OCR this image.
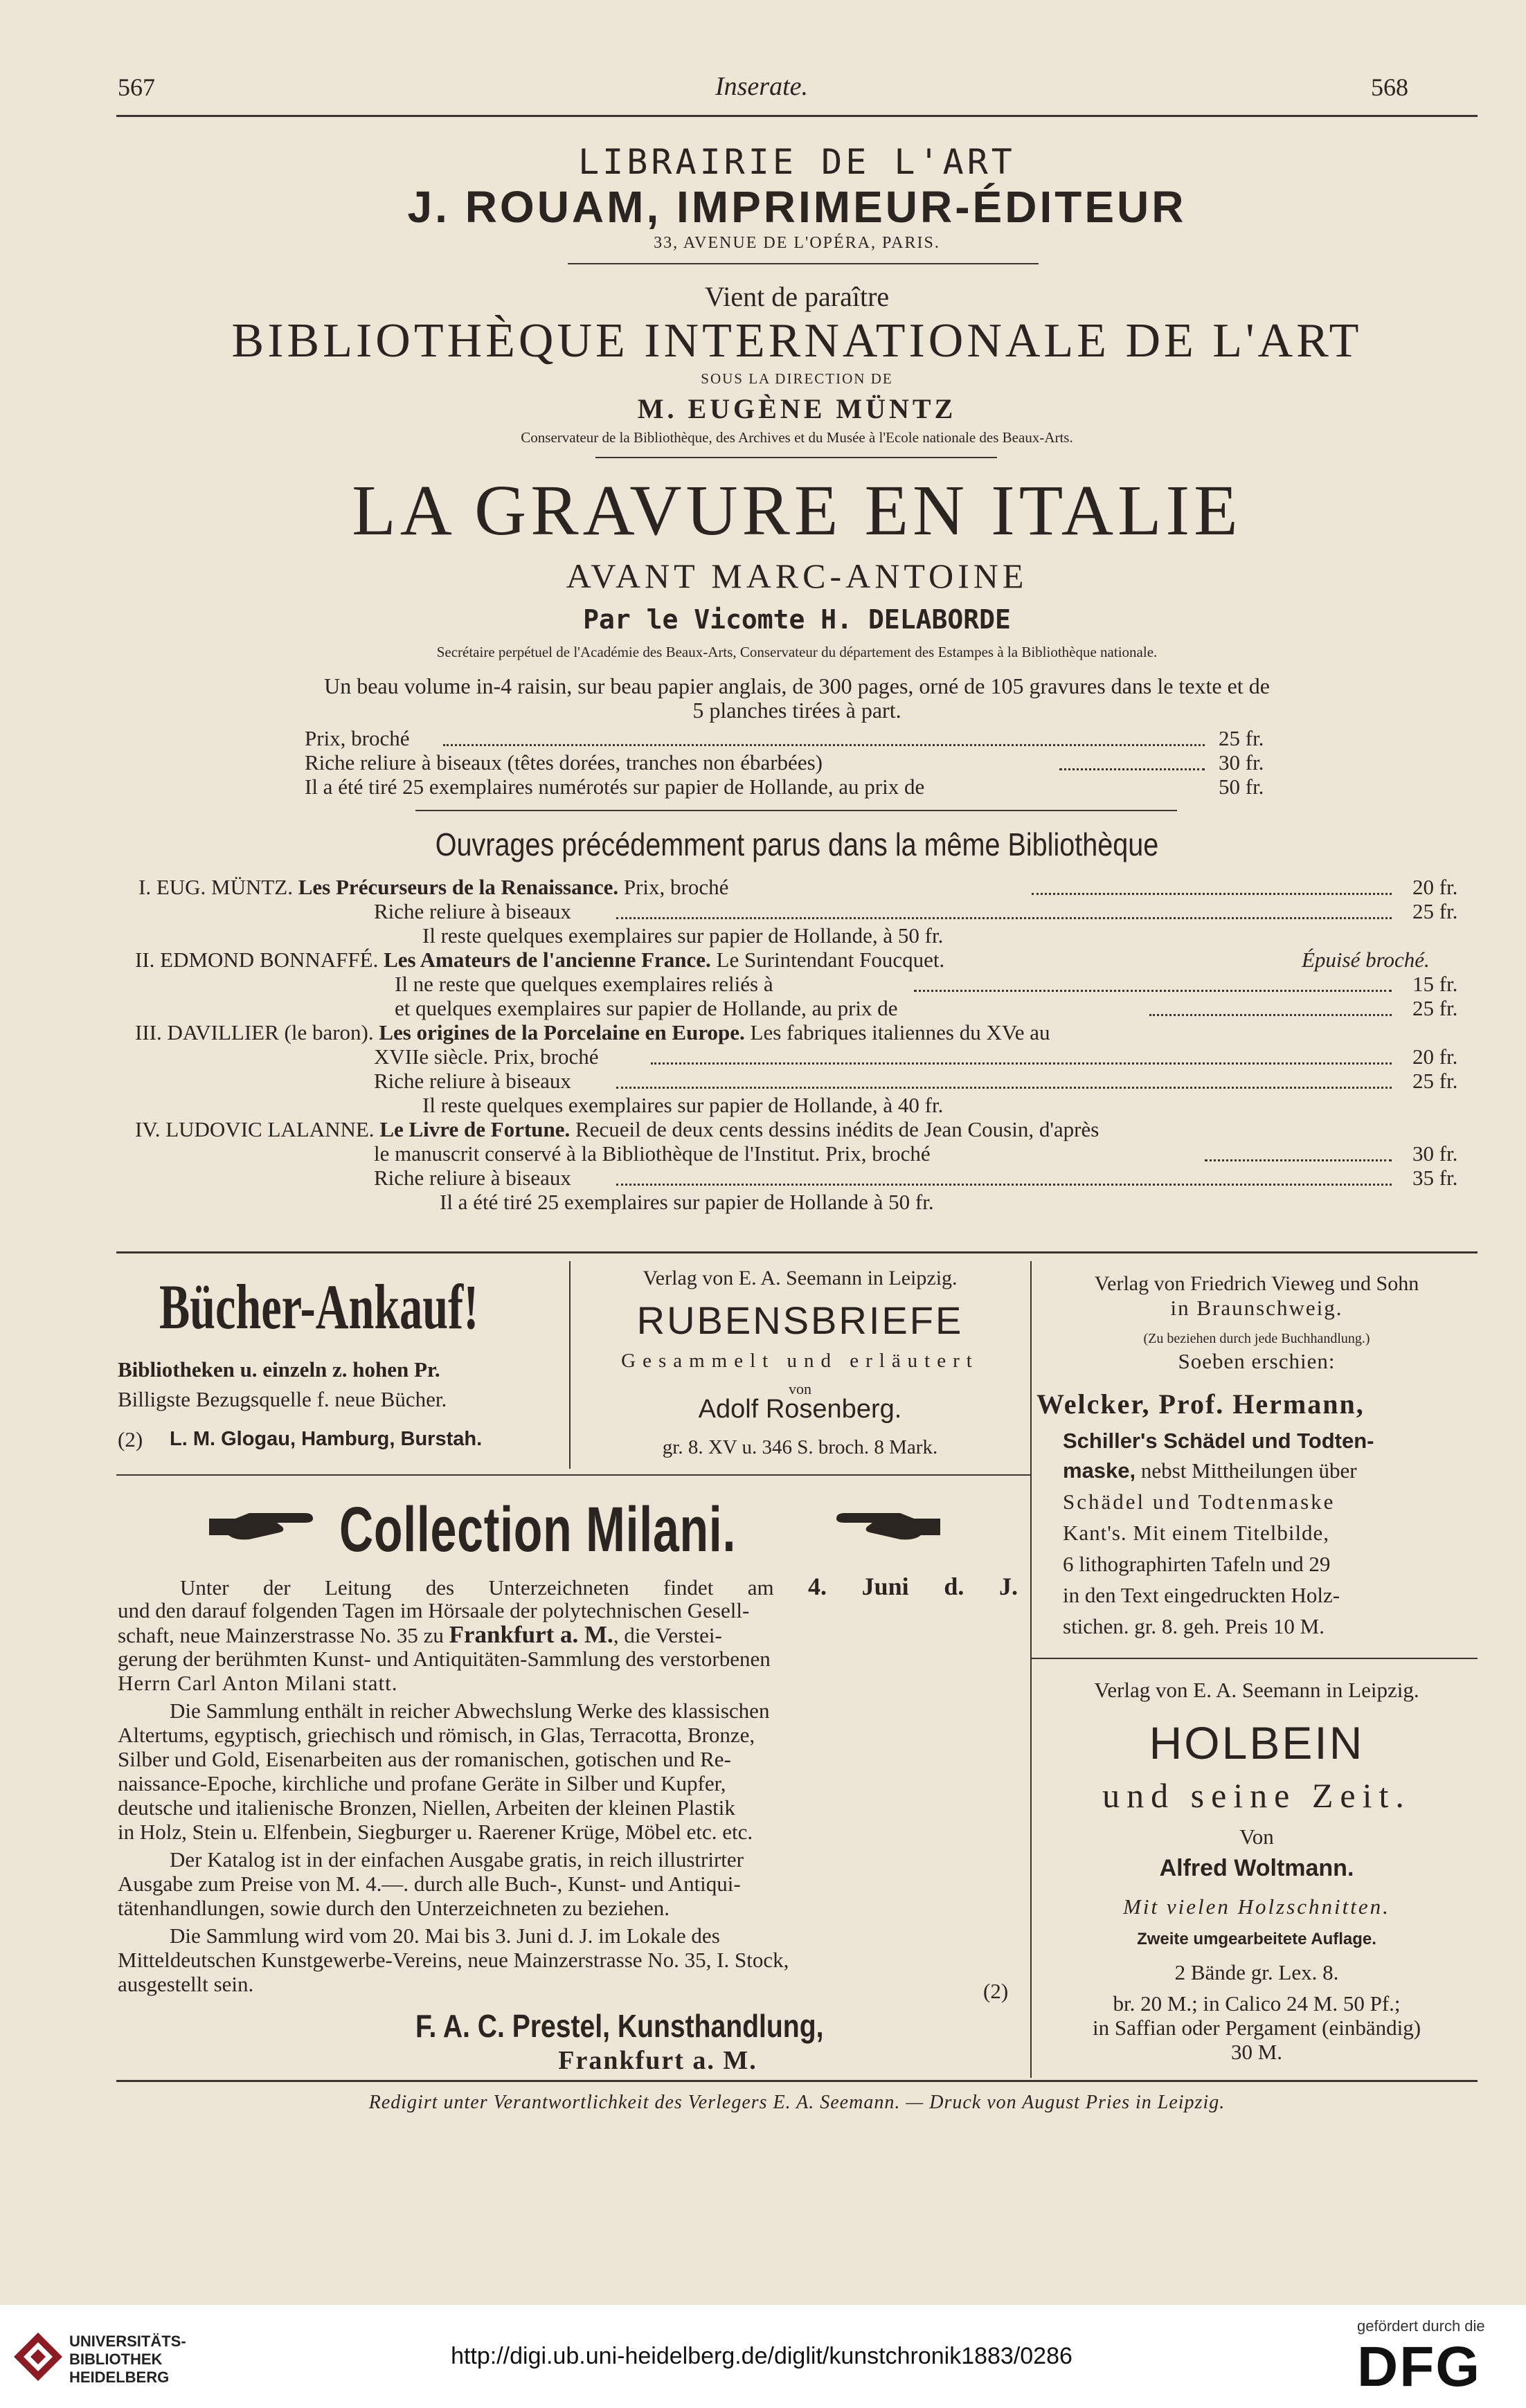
567	Inserate.	568
LIBRAIRIE DE L'ART
J. ROUAM, IMPRIMEUR-ÉDITEUR
33, AVENUE DE L'OPÉRA, PARIS.
Vient de paraître
BIBLIOTHÈQUE INTERNATIONALE DE L'ART
SOUS LA DIRECTION DE
M. EUGÈNE MÜNTZ
Conservateur de la Bibliothèque, des Archives et du Musée à l'Ecole nationale des Beaux-Arts.
LA GRAVURE EN ITALIE
AVANT MARC-ANTOINE
Par le Vicomte H. DELABORDE
Secrétaire perpétuel de l'Académie des Beaux-Arts, Conservateur du département des Estampes à la Bibliothèque nationale.
Un beau volume in-4 raisin, sur beau papier anglais, de 300 pages, orné de 105 gravures dans le texte et de
5 planches tirées à part.
Prix, broché	25 fr.
Riche reliure à biseaux (têtes dorées, tranches non ébarbées)	30 fr.
Il a été tiré 25 exemplaires numérotés sur papier de Hollande, au prix de	50 fr.
Ouvrages précédemment parus dans la même Bibliothèque
I. EUG. MÜNTZ. Les Précurseurs de la Renaissance. Prix, broché	20 fr.
Riche reliure à biseaux	25 fr.
Il reste quelques exemplaires sur papier de Hollande, à 50 fr.
II. EDMOND BONNAFFÉ. Les Amateurs de l'ancienne France. Le Surintendant Foucquet.	Épuisé broché.
Il ne reste que quelques exemplaires reliés à	15 fr.
et quelques exemplaires sur papier de Hollande, au prix de	25 fr.
III. DAVILLIER (le baron). Les origines de la Porcelaine en Europe. Les fabriques italiennes du XVe au
XVIIe siècle. Prix, broché	20 fr.
Riche reliure à biseaux	25 fr.
Il reste quelques exemplaires sur papier de Hollande, à 40 fr.
IV. LUDOVIC LALANNE. Le Livre de Fortune. Recueil de deux cents dessins inédits de Jean Cousin, d'après
le manuscrit conservé à la Bibliothèque de l'Institut. Prix, broché	30 fr.
Riche reliure à biseaux	35 fr.
Il a été tiré 25 exemplaires sur papier de Hollande à 50 fr.
Bücher-Ankauf!
Bibliotheken u. einzeln z. hohen Pr.
Billigste Bezugsquelle f. neue Bücher.
(2) L. M. Glogau, Hamburg, Burstah.
Verlag von E. A. Seemann in Leipzig.
RUBENSBRIEFE
Gesammelt und erläutert
von
Adolf Rosenberg.
gr. 8. XV u. 346 S. broch. 8 Mark.
Verlag von Friedrich Vieweg und Sohn
in Braunschweig.
(Zu beziehen durch jede Buchhandlung.)
Soeben erschien:
Welcker, Prof. Hermann,
Schiller's Schädel und Todten-
maske, nebst Mittheilungen über
Schädel und Todtenmaske
Kant's. Mit einem Titelbilde,
6 lithographirten Tafeln und 29
in den Text eingedruckten Holz-
stichen. gr. 8. geh. Preis 10 M.
Collection Milani.
Unter der Leitung des Unterzeichneten findet am 4. Juni d. J.
und den darauf folgenden Tagen im Hörsaale der polytechnischen Gesell-
schaft, neue Mainzerstrasse No. 35 zu Frankfurt a. M., die Verstei-
gerung der berühmten Kunst- und Antiquitäten-Sammlung des verstorbenen
Herrn Carl Anton Milani statt.
Die Sammlung enthält in reicher Abwechslung Werke des klassischen
Altertums, egyptisch, griechisch und römisch, in Glas, Terracotta, Bronze,
Silber und Gold, Eisenarbeiten aus der romanischen, gotischen und Re-
naissance-Epoche, kirchliche und profane Geräte in Silber und Kupfer,
deutsche und italienische Bronzen, Niellen, Arbeiten der kleinen Plastik
in Holz, Stein u. Elfenbein, Siegburger u. Raerener Krüge, Möbel etc. etc.
Der Katalog ist in der einfachen Ausgabe gratis, in reich illustrirter
Ausgabe zum Preise von M. 4.—. durch alle Buch-, Kunst- und Antiqui-
tätenhandlungen, sowie durch den Unterzeichneten zu beziehen.
Die Sammlung wird vom 20. Mai bis 3. Juni d. J. im Lokale des
Mitteldeutschen Kunstgewerbe-Vereins, neue Mainzerstrasse No. 35, I. Stock,
ausgestellt sein.	(2)
F. A. C. Prestel, Kunsthandlung,
Frankfurt a. M.
Verlag von E. A. Seemann in Leipzig.
HOLBEIN
und seine Zeit.
Von
Alfred Woltmann.
Mit vielen Holzschnitten.
Zweite umgearbeitete Auflage.
2 Bände gr. Lex. 8.
br. 20 M.; in Calico 24 M. 50 Pf.;
in Saffian oder Pergament (einbändig)
30 M.
Redigirt unter Verantwortlichkeit des Verlegers E. A. Seemann. — Druck von August Pries in Leipzig.
UNIVERSITÄTS-
BIBLIOTHEK
HEIDELBERG
http://digi.ub.uni-heidelberg.de/diglit/kunstchronik1883/0286
gefördert durch die
DFG
